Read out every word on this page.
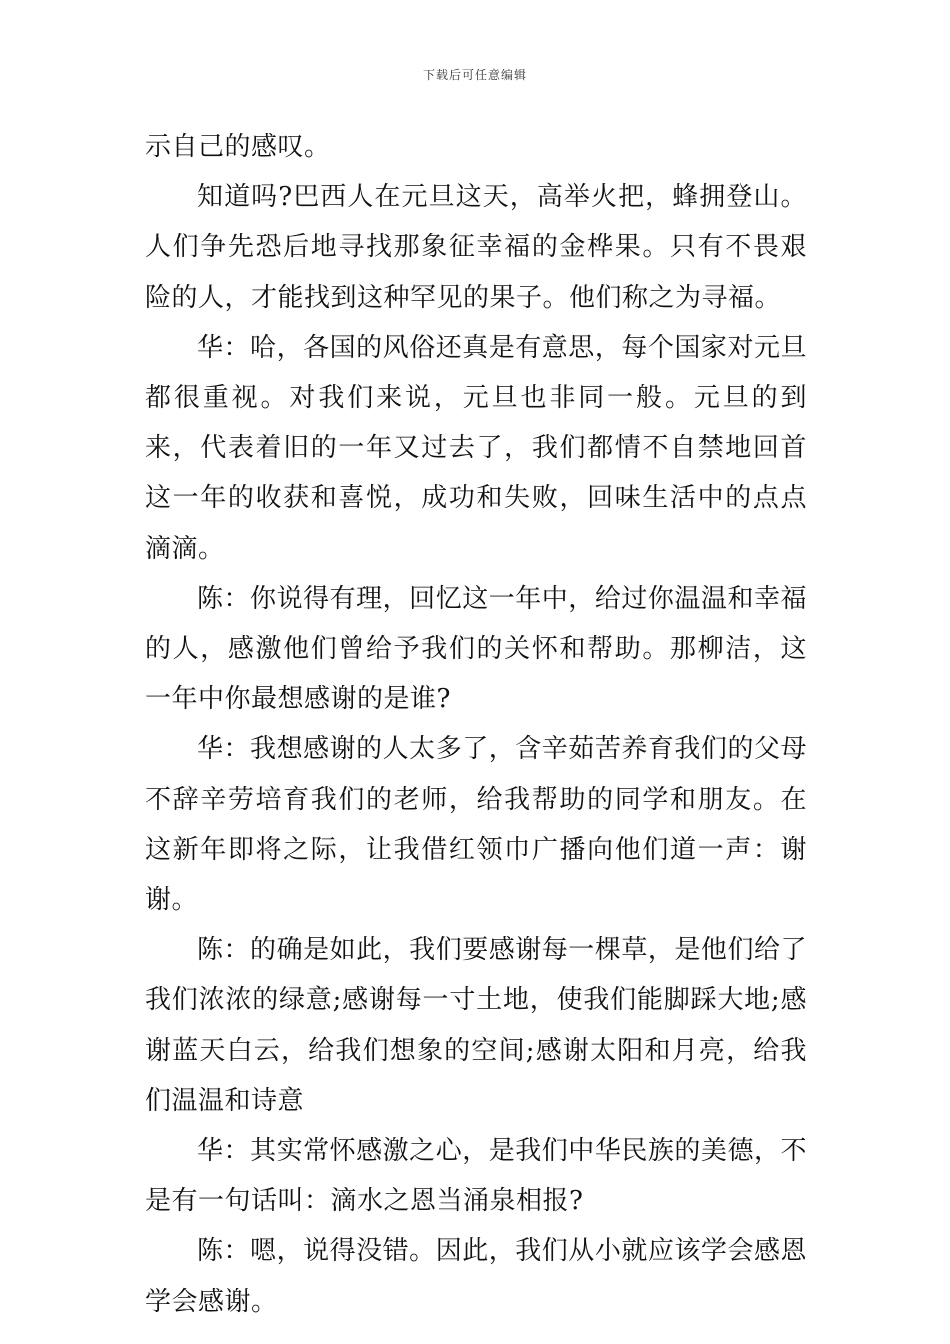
下载后可任意编辑

示自己的感叹。

知道吗?巴西人在元旦这天，高举火把，蜂拥登山。人们争先恐后地寻找那象征幸福的金桦果。只有不畏艰险的人，才能找到这种罕见的果子。他们称之为寻福。

华：哈，各国的风俗还真是有意思，每个国家对元旦都很重视。对我们来说，元旦也非同一般。元旦的到来，代表着旧的一年又过去了，我们都情不自禁地回首这一年的收获和喜悦，成功和失败，回味生活中的点点滴滴。

陈：你说得有理，回忆这一年中，给过你温温和幸福的人，感激他们曾给予我们的关怀和帮助。那柳洁，这一年中你最想感谢的是谁?

华：我想感谢的人太多了，含辛茹苦养育我们的父母不辞辛劳培育我们的老师，给我帮助的同学和朋友。在这新年即将之际，让我借红领巾广播向他们道一声：谢谢。

陈：的确是如此，我们要感谢每一棵草，是他们给了我们浓浓的绿意;感谢每一寸土地，使我们能脚踩大地;感谢蓝天白云，给我们想象的空间;感谢太阳和月亮，给我们温温和诗意

华：其实常怀感激之心，是我们中华民族的美德，不是有一句话叫：滴水之恩当涌泉相报?

陈：嗯，说得没错。因此，我们从小就应该学会感恩学会感谢。
